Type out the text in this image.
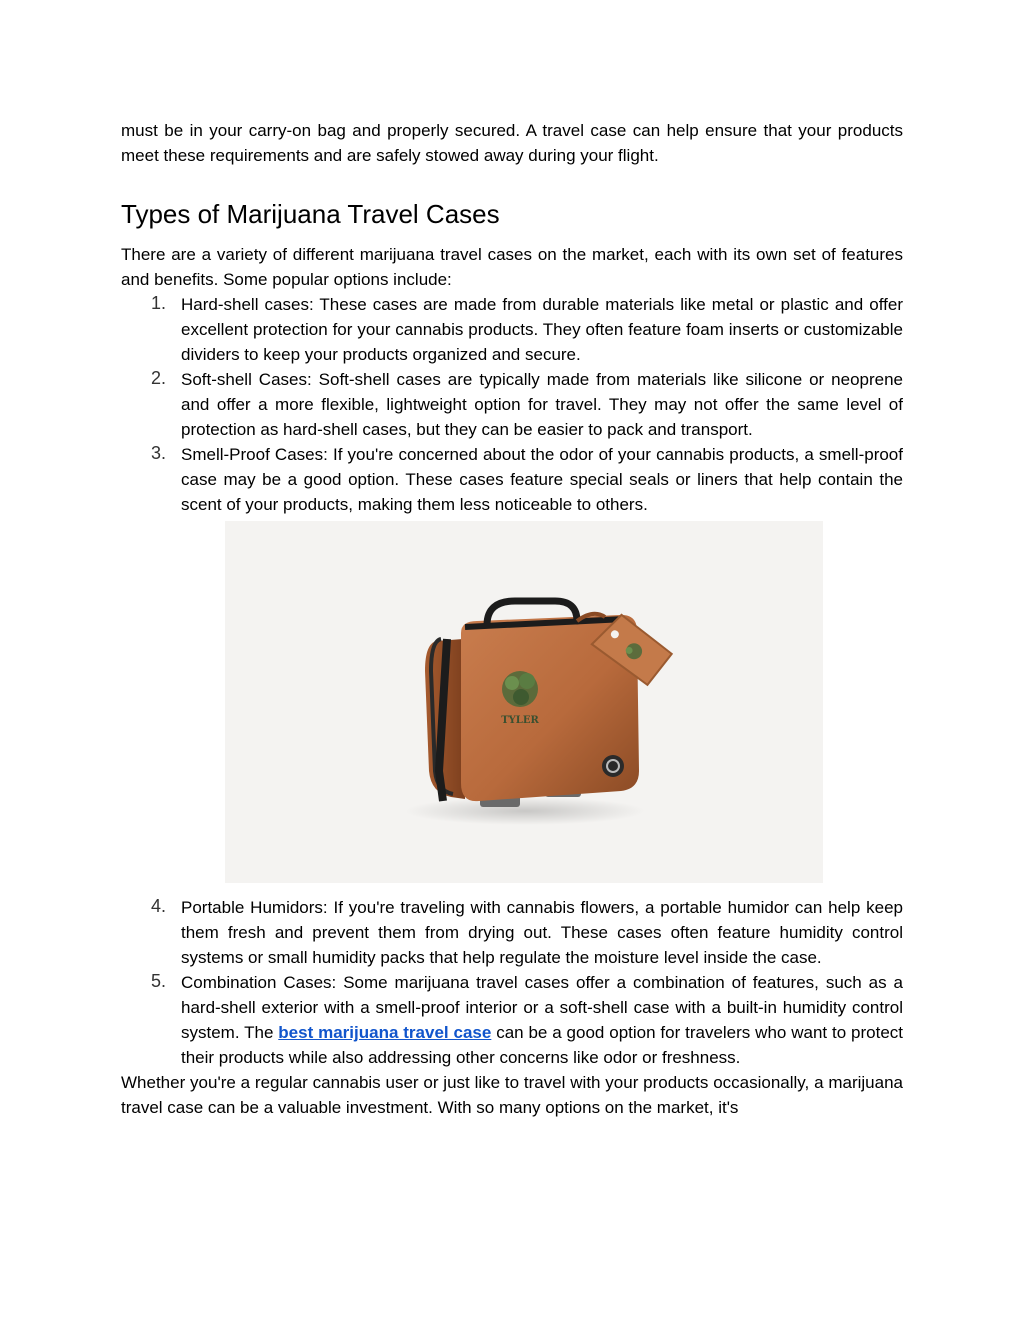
must be in your carry-on bag and properly secured. A travel case can help ensure that your products meet these requirements and are safely stowed away during your flight.

Types of Marijuana Travel Cases

There are a variety of different marijuana travel cases on the market, each with its own set of features and benefits. Some popular options include:

1. Hard-shell cases: These cases are made from durable materials like metal or plastic and offer excellent protection for your cannabis products. They often feature foam inserts or customizable dividers to keep your products organized and secure.
2. Soft-shell Cases: Soft-shell cases are typically made from materials like silicone or neoprene and offer a more flexible, lightweight option for travel. They may not offer the same level of protection as hard-shell cases, but they can be easier to pack and transport.
3. Smell-Proof Cases: If you're concerned about the odor of your cannabis products, a smell-proof case may be a good option. These cases feature special seals or liners that help contain the scent of your products, making them less noticeable to others.
TYLER
4. Portable Humidors: If you're traveling with cannabis flowers, a portable humidor can help keep them fresh and prevent them from drying out. These cases often feature humidity control systems or small humidity packs that help regulate the moisture level inside the case.
5. Combination Cases: Some marijuana travel cases offer a combination of features, such as a hard-shell exterior with a smell-proof interior or a soft-shell case with a built-in humidity control system. The best marijuana travel case can be a good option for travelers who want to protect their products while also addressing other concerns like odor or freshness.

Whether you're a regular cannabis user or just like to travel with your products occasionally, a marijuana travel case can be a valuable investment. With so many options on the market, it's
